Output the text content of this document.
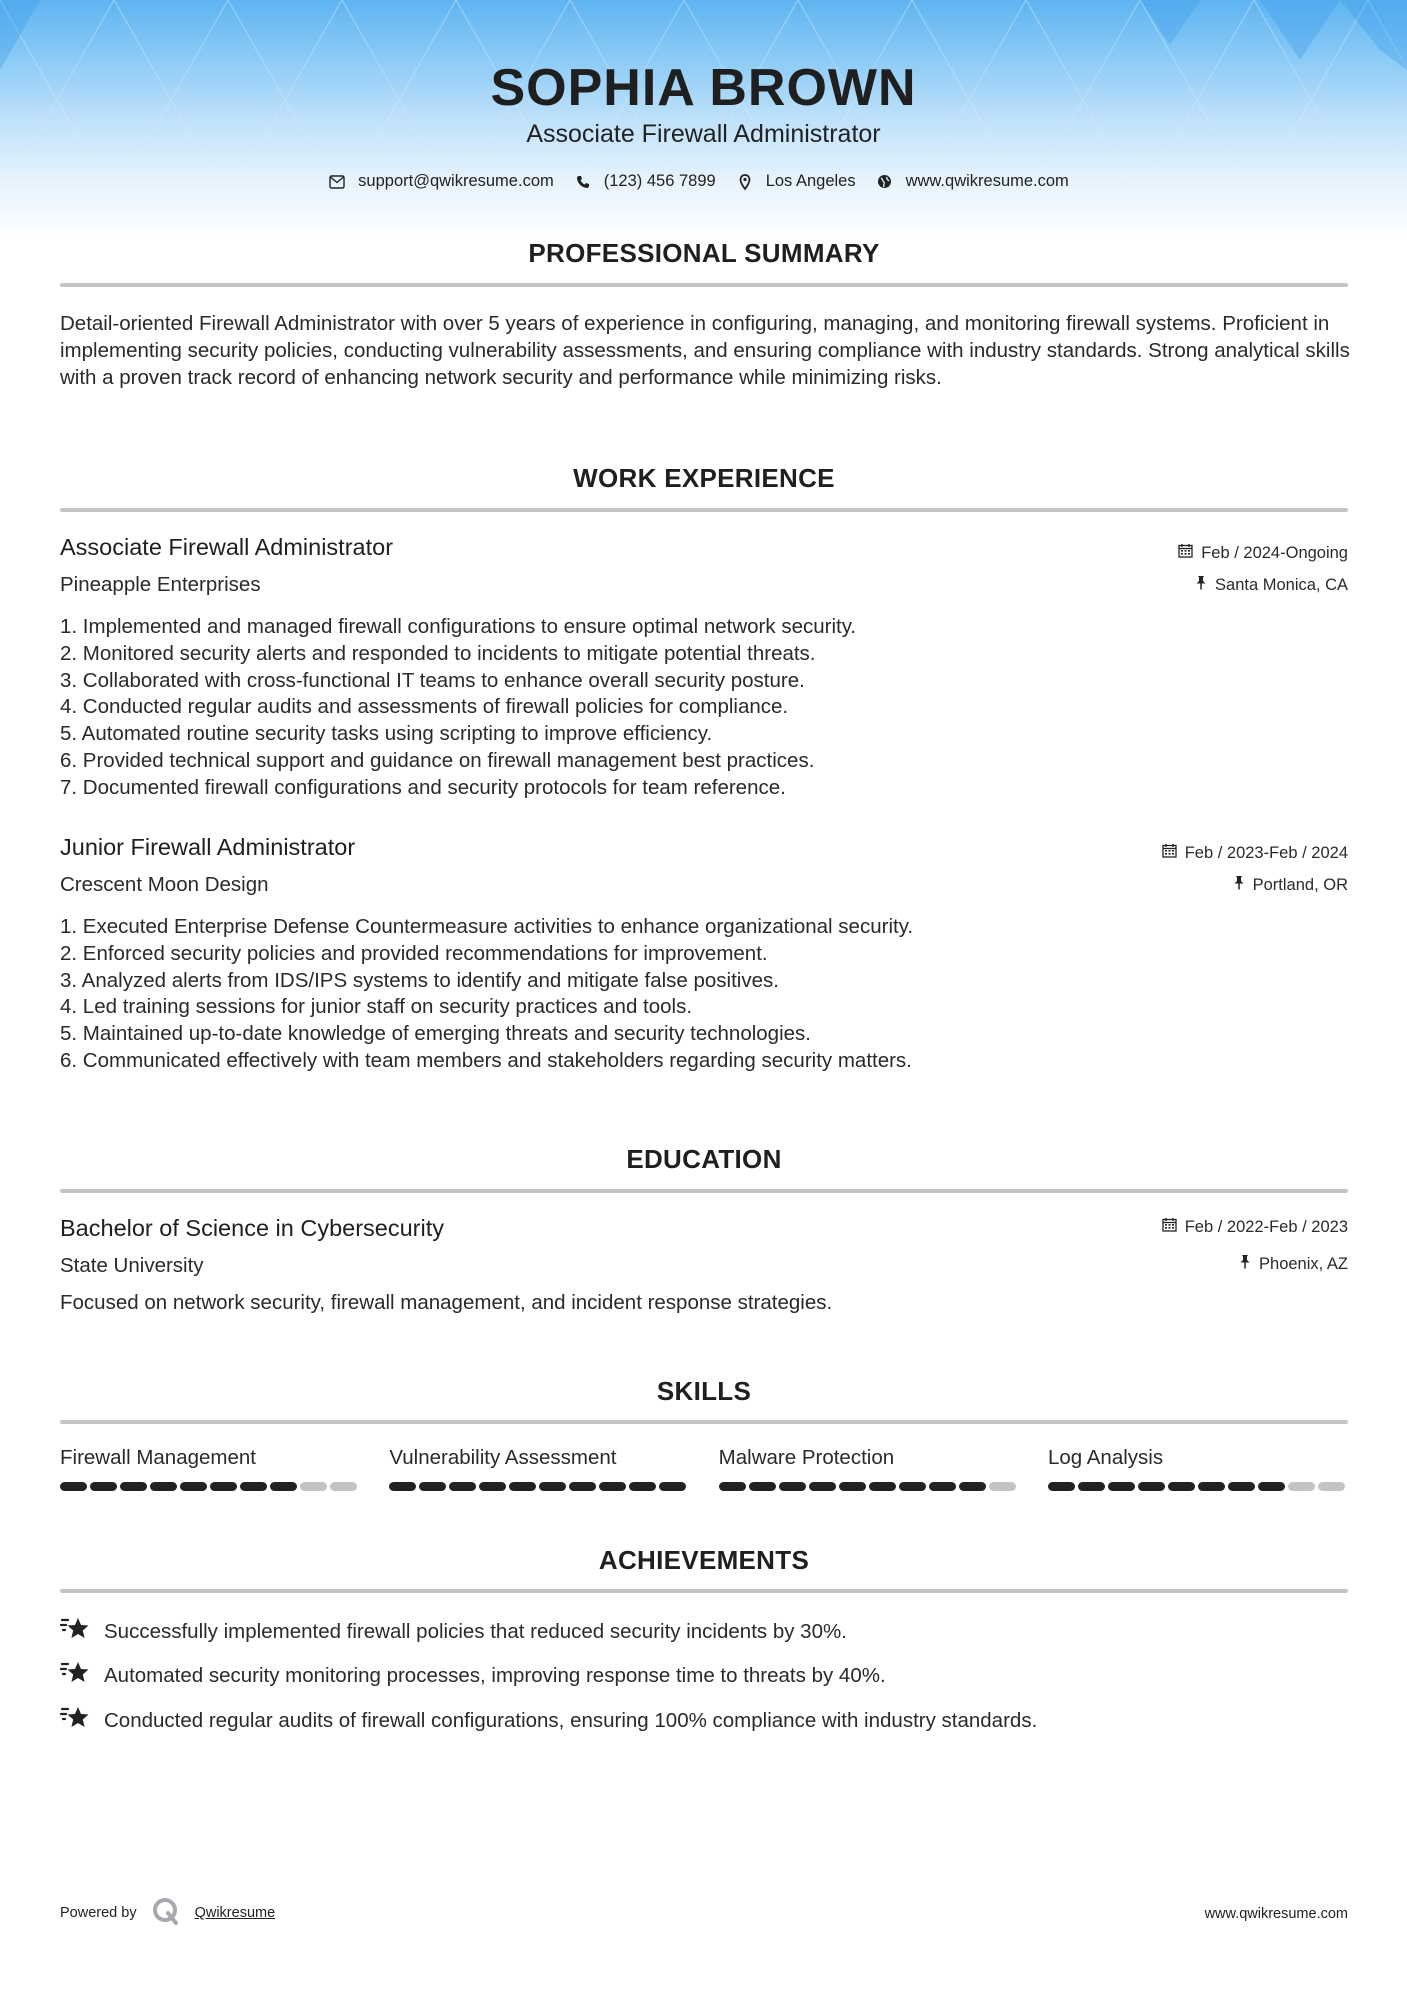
SOPHIA BROWN
Associate Firewall Administrator
support@qwikresume.com	(123) 456 7899	Los Angeles	www.qwikresume.com
PROFESSIONAL SUMMARY
Detail-oriented Firewall Administrator with over 5 years of experience in configuring, managing, and monitoring firewall systems. Proficient in implementing security policies, conducting vulnerability assessments, and ensuring compliance with industry standards. Strong analytical skills with a proven track record of enhancing network security and performance while minimizing risks.
WORK EXPERIENCE
Associate Firewall Administrator
Pineapple Enterprises
Feb / 2024-Ongoing
Santa Monica, CA
1. Implemented and managed firewall configurations to ensure optimal network security.
2. Monitored security alerts and responded to incidents to mitigate potential threats.
3. Collaborated with cross-functional IT teams to enhance overall security posture.
4. Conducted regular audits and assessments of firewall policies for compliance.
5. Automated routine security tasks using scripting to improve efficiency.
6. Provided technical support and guidance on firewall management best practices.
7. Documented firewall configurations and security protocols for team reference.
Junior Firewall Administrator
Crescent Moon Design
Feb / 2023-Feb / 2024
Portland, OR
1. Executed Enterprise Defense Countermeasure activities to enhance organizational security.
2. Enforced security policies and provided recommendations for improvement.
3. Analyzed alerts from IDS/IPS systems to identify and mitigate false positives.
4. Led training sessions for junior staff on security practices and tools.
5. Maintained up-to-date knowledge of emerging threats and security technologies.
6. Communicated effectively with team members and stakeholders regarding security matters.
EDUCATION
Bachelor of Science in Cybersecurity
State University
Feb / 2022-Feb / 2023
Phoenix, AZ
Focused on network security, firewall management, and incident response strategies.
SKILLS
Firewall Management	Vulnerability Assessment	Malware Protection	Log Analysis
ACHIEVEMENTS
Successfully implemented firewall policies that reduced security incidents by 30%.
Automated security monitoring processes, improving response time to threats by 40%.
Conducted regular audits of firewall configurations, ensuring 100% compliance with industry standards.
Powered by	Qwikresume	www.qwikresume.com
